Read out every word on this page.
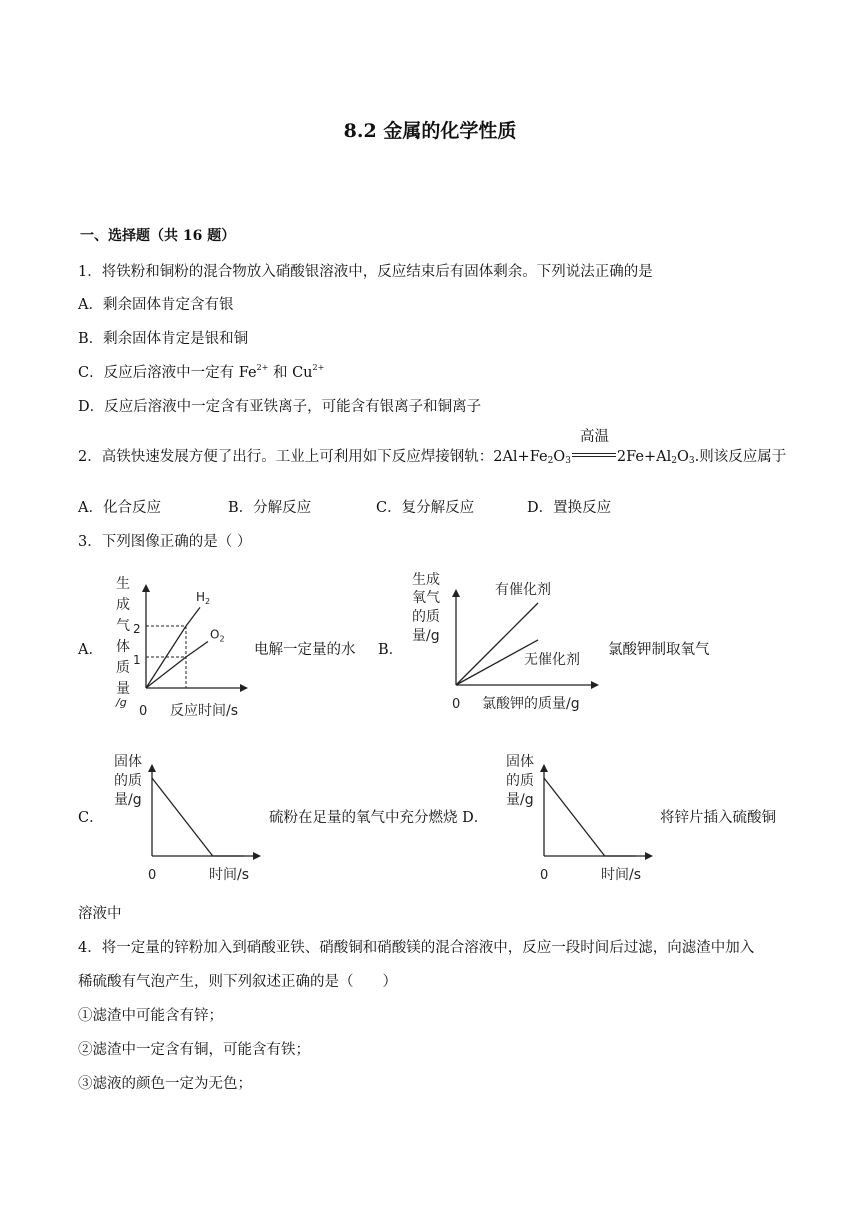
8.2 金属的化学性质
一、选择题（共 16 题）
1．将铁粉和铜粉的混合物放入硝酸银溶液中，反应结束后有固体剩余。下列说法正确的是
A．剩余固体肯定含有银
B．剩余固体肯定是银和铜
C．反应后溶液中一定有 $Fe^{2+}$ 和 $Cu^{2+}$
D．反应后溶液中一定含有亚铁离子，可能含有银离子和铜离子
2．高铁快速发展方便了出行。工业上可利用如下反应焊接钢轨：$2Al+Fe_2O_3$	$2Fe+Al_2O_3$.则该反应属于
高温
A．化合反应	B．分解反应	C．复分解反应	D．置换反应
3．下列图像正确的是（ ）
A．	电解一定量的水 B．	氯酸钾制取氧气
生
成
气
体
质
量
/g
$H_2$
$O_2$
0 反应时间/s
2
1
生成
氧气
的质
量/g
有催化剂
无催化剂
0 氯酸钾的质量/g
C．	硫粉在足量的氧气中充分燃烧 D．	将锌片插入硫酸铜
固体
的质
量/g
0	时间/s
固体
的质
量/g
0	时间/s
溶液中
4．将一定量的锌粉加入到硝酸亚铁、硝酸铜和硝酸镁的混合溶液中，反应一段时间后过滤，向滤渣中加入
稀硫酸有气泡产生，则下列叙述正确的是（　　）
①滤渣中可能含有锌；
②滤渣中一定含有铜，可能含有铁；
③滤液的颜色一定为无色；
